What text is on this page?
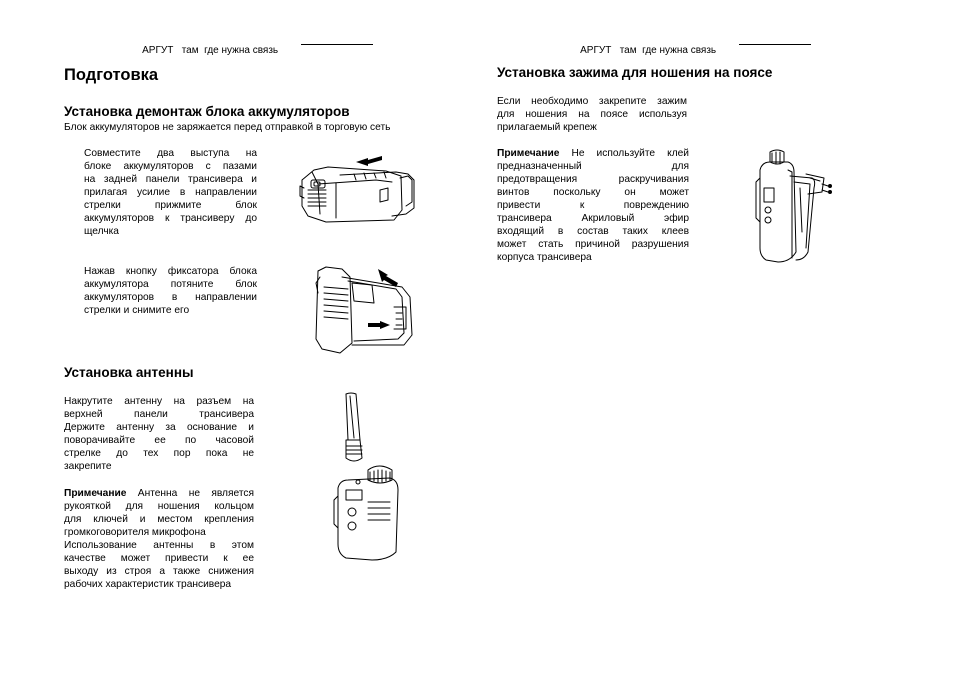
АРГУТ там  где нужна связь

Подготовка
Установка демонтаж блока аккумуляторов
Блок аккумуляторов не заряжается перед отправкой в торговую сеть
Совместите два выступа на
блоке аккумуляторов с пазами
на задней панели трансивера и
прилагая усилие в направлении
стрелки прижмите блок
аккумуляторов к трансиверу до
щелчка
Нажав кнопку фиксатора блока
аккумулятора потяните блок
аккумуляторов в направлении
стрелки и снимите его
Установка антенны
Накрутите антенну на разъем на
верхней панели трансивера
Держите антенну за основание и
поворачивайте ее по часовой
стрелке до тех пор пока не
закрепите
Примечание Антенна не является
рукояткой для ношения кольцом
для ключей и местом крепления
громкоговорителя микрофона
Использование антенны в этом
качестве может привести к ее
выходу из строя а также снижения
рабочих характеристик трансивера

АРГУТ там  где нужна связь

Установка зажима для ношения на поясе
Если необходимо закрепите зажим
для ношения на поясе используя
прилагаемый крепеж
Примечание Не используйте клей
предназначенный для
предотвращения раскручивания
винтов поскольку он может
привести к повреждению
трансивера Акриловый эфир
входящий в состав таких клеев
может стать причиной разрушения
корпуса трансивера
